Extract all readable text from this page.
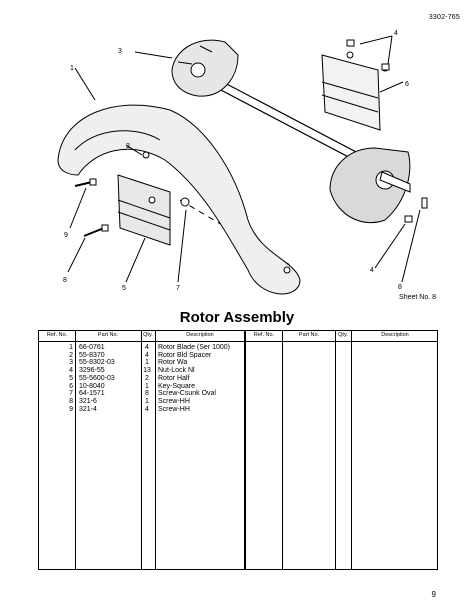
3302-765
1
2
3
4
5
6
7
8
9
4
8
Sheet No. 8
Rotor Assembly
Ref. No.	Part No.	Qty.	Description	Ref. No.	Part No.	Qty.	Description
1 66-0761	4	Rotor Blade (Ser 1000)
2 55-8370	4	Rotor Bld Spacer
3 55-8302-03	1	Rotor Wa
4 3296-55	13	Nut-Lock Nl
5 55-5600-03	2	Rotor Half
6 10-8040	1	Key-Square
7 64-1571	8	Screw-Csunk Oval
8 321-6	1	Screw-HH
9 321-4	4	Screw-HH
9
